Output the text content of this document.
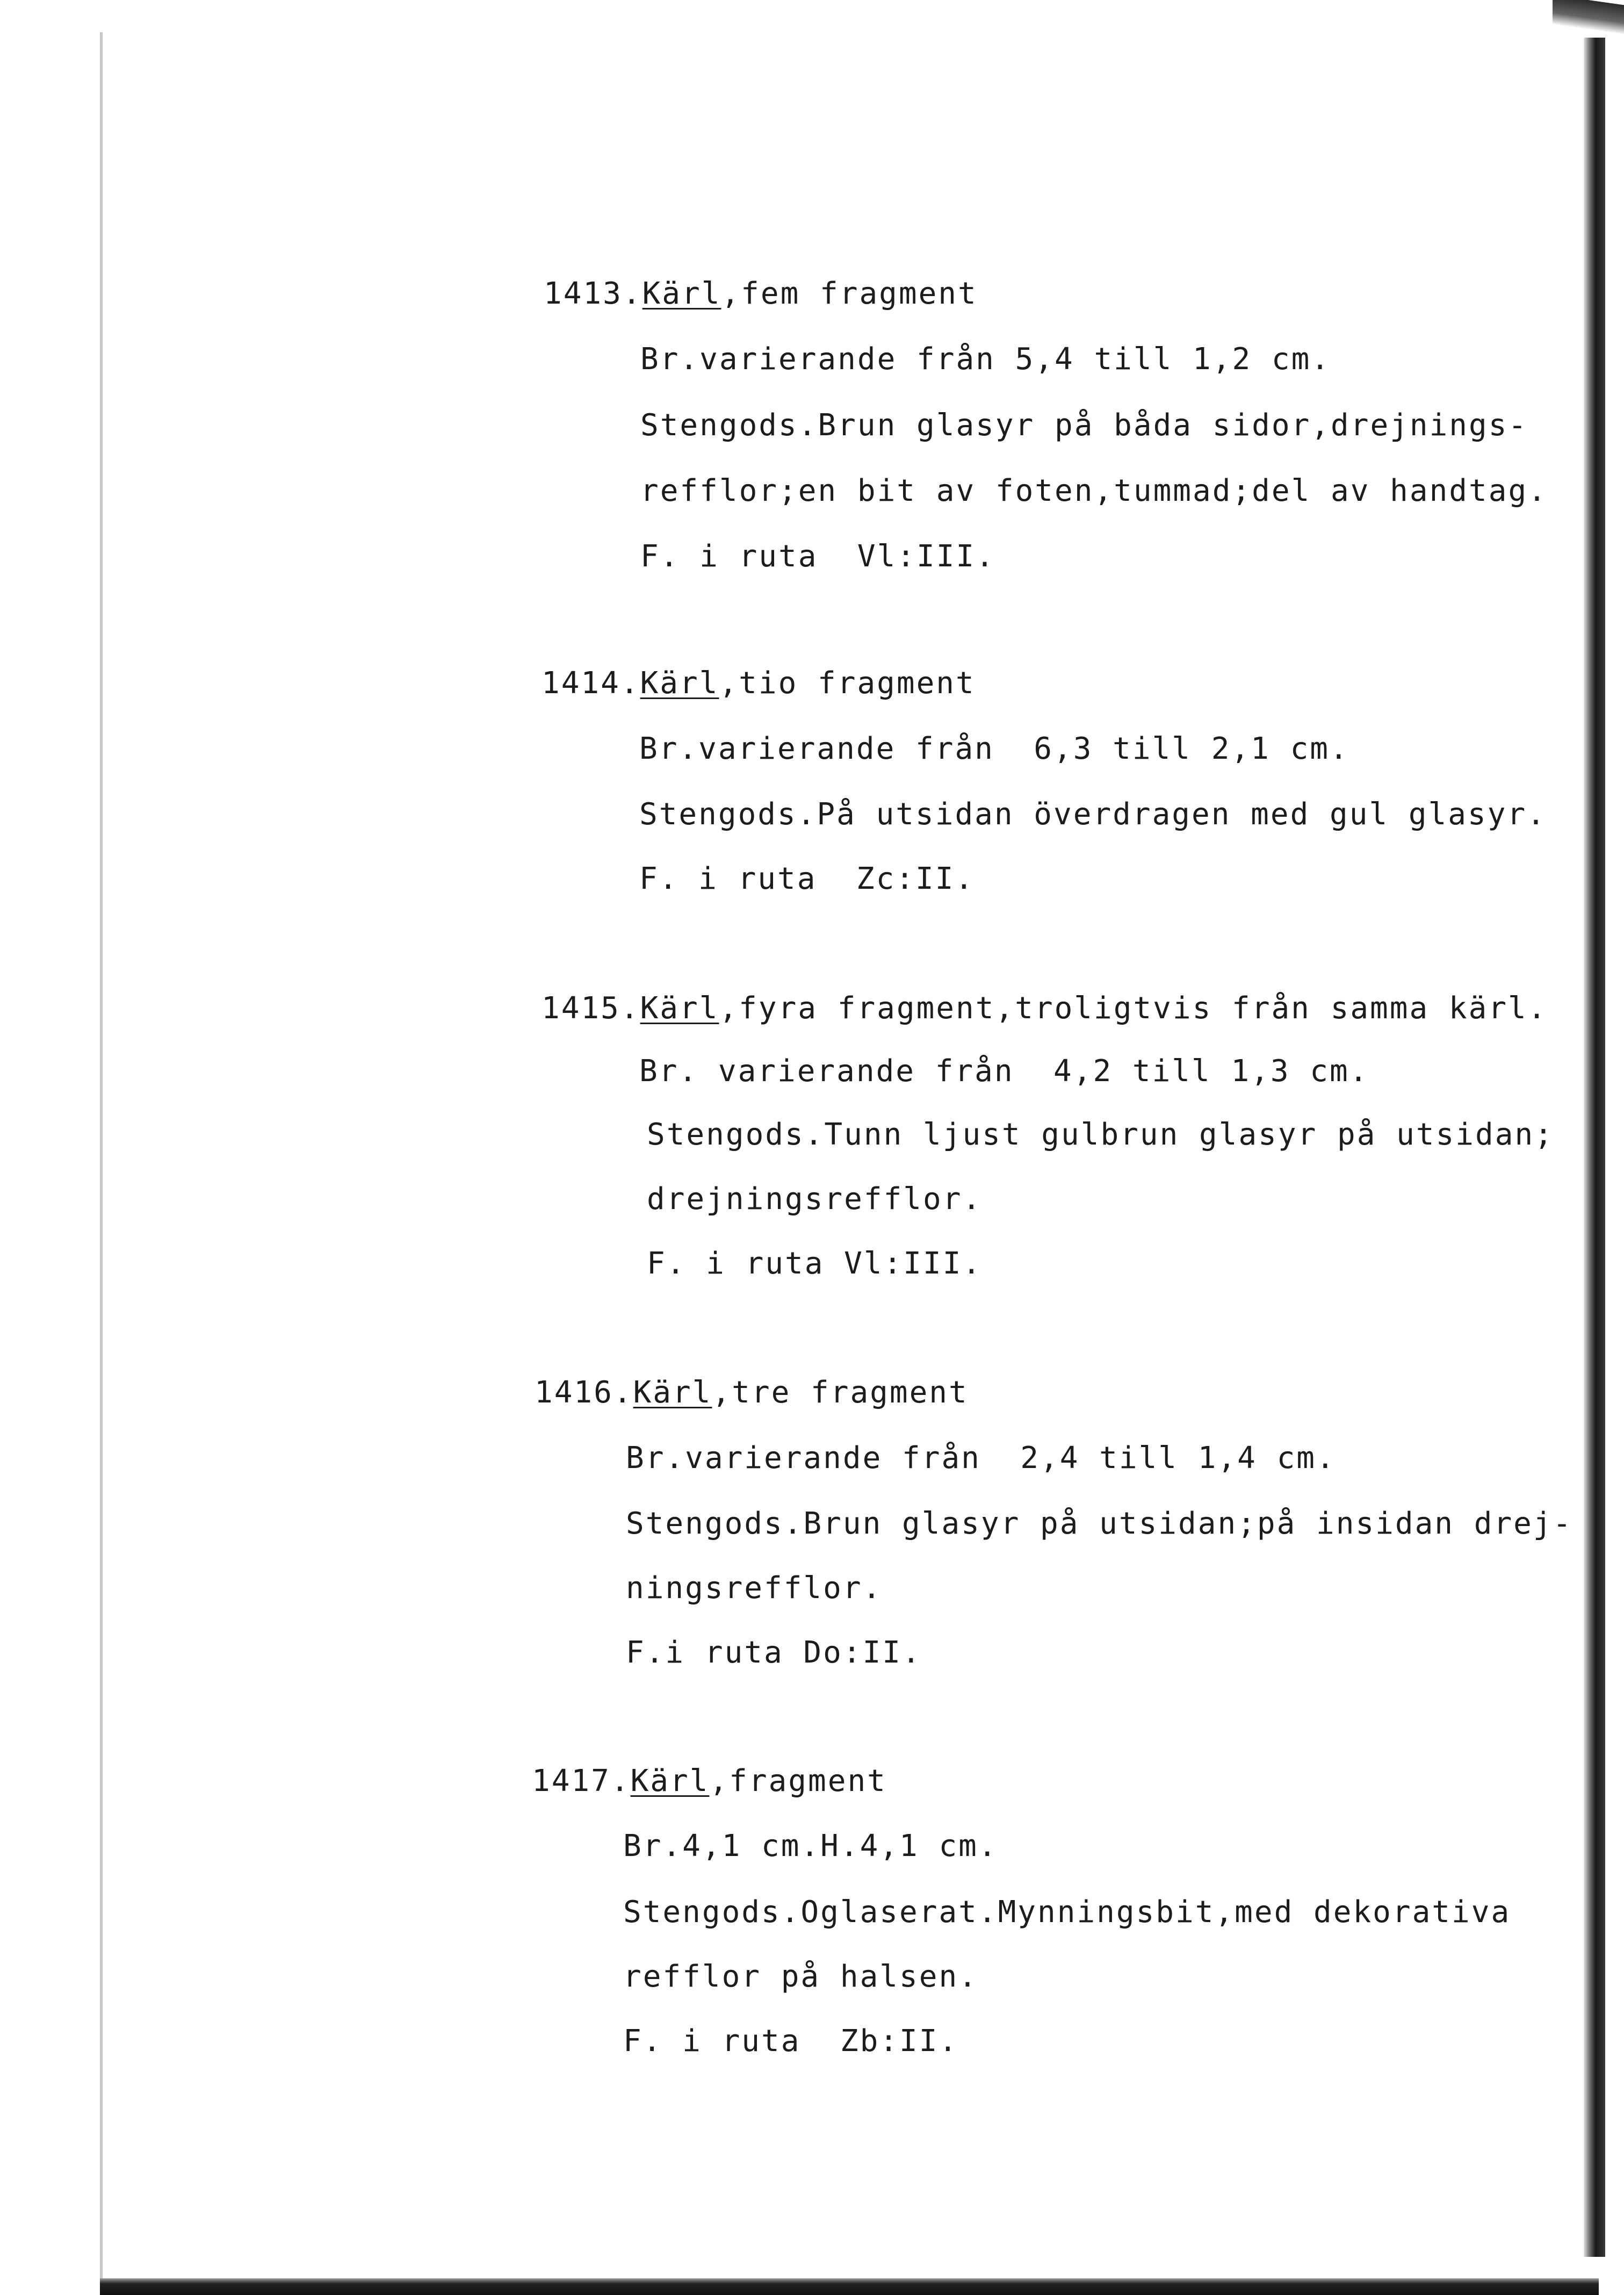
1413.Kärl,fem fragment
Br.varierande från 5,4 till 1,2 cm.
Stengods.Brun glasyr på båda sidor,drejnings-
refflor;en bit av foten,tummad;del av handtag.
F. i ruta  Vl:III.
1414.Kärl,tio fragment
Br.varierande från  6,3 till 2,1 cm.
Stengods.På utsidan överdragen med gul glasyr.
F. i ruta  Zc:II.
1415.Kärl,fyra fragment,troligtvis från samma kärl.
Br. varierande från  4,2 till 1,3 cm.
Stengods.Tunn ljust gulbrun glasyr på utsidan;
drejningsrefflor.
F. i ruta Vl:III.
1416.Kärl,tre fragment
Br.varierande från  2,4 till 1,4 cm.
Stengods.Brun glasyr på utsidan;på insidan drej-
ningsrefflor.
F.i ruta Do:II.
1417.Kärl,fragment
Br.4,1 cm.H.4,1 cm.
Stengods.Oglaserat.Mynningsbit,med dekorativa
refflor på halsen.
F. i ruta  Zb:II.
